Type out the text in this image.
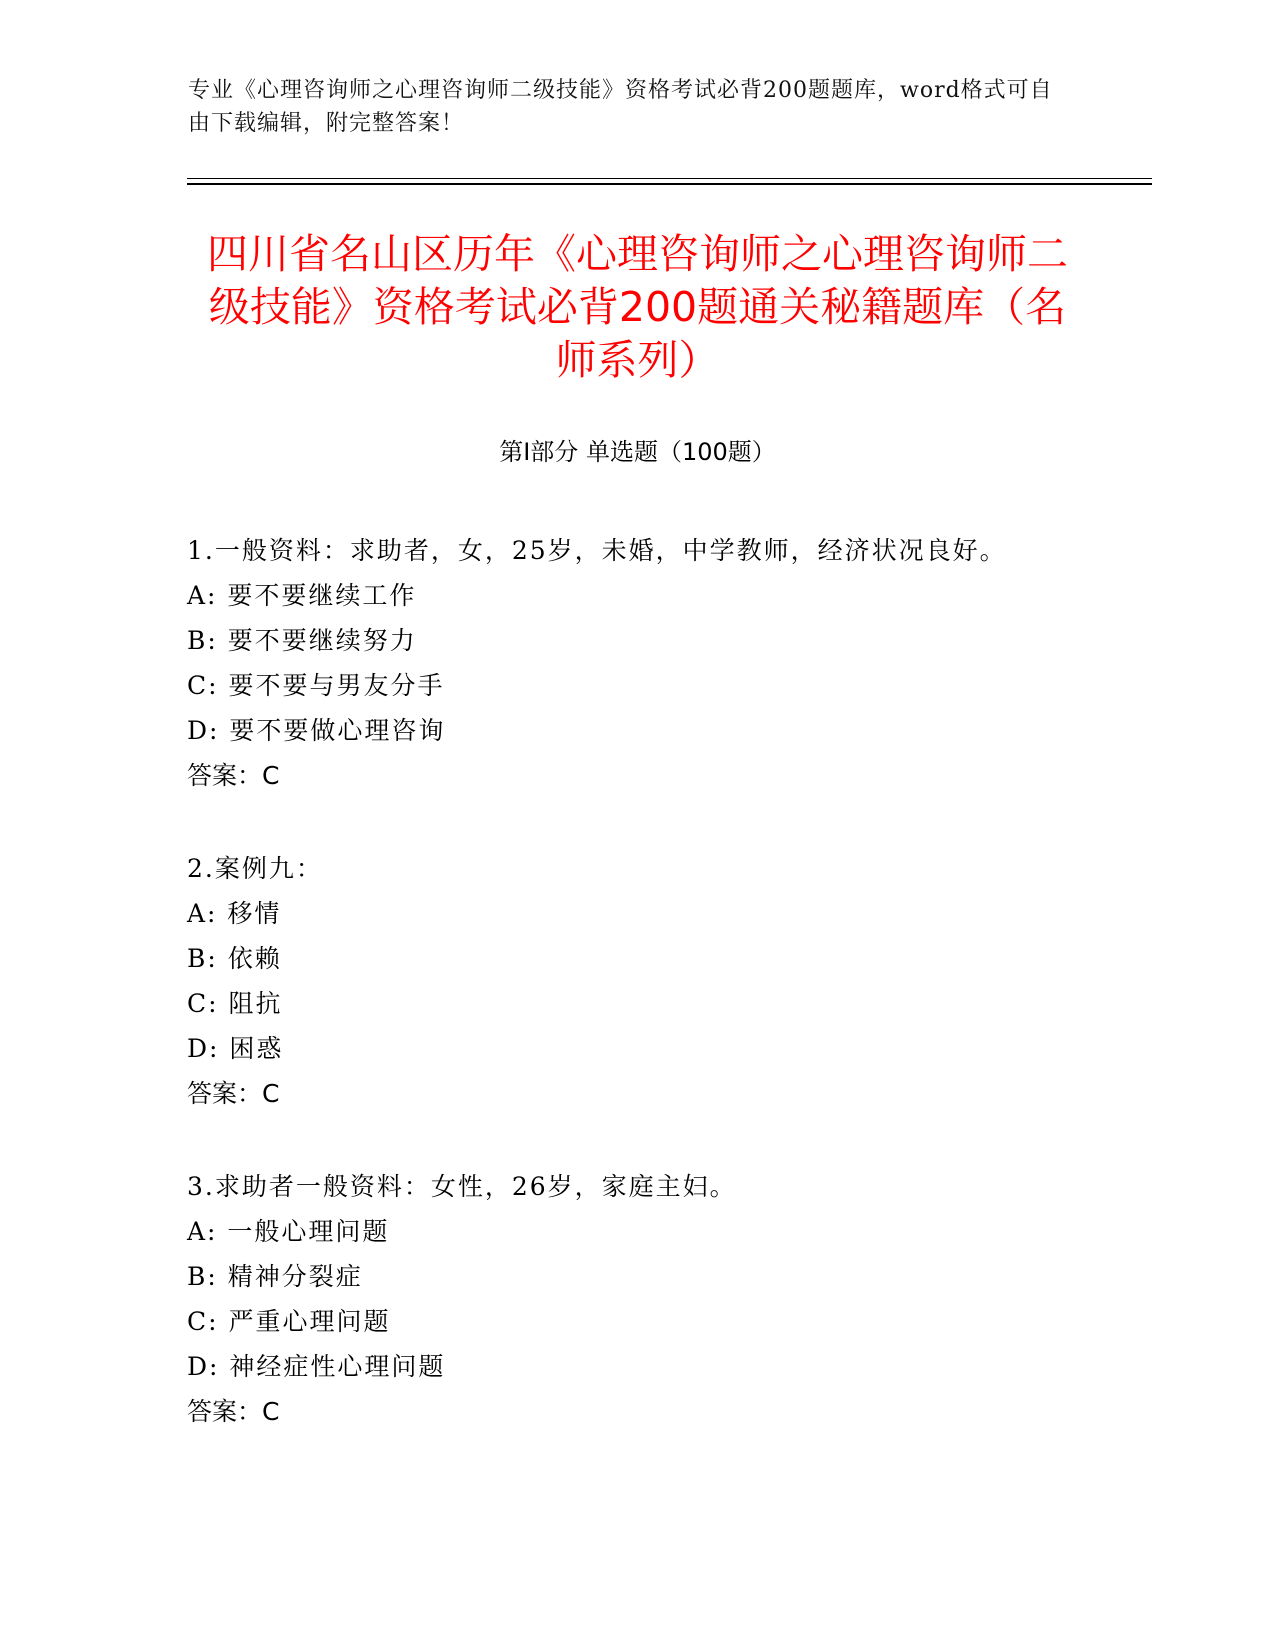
专业《心理咨询师之心理咨询师二级技能》资格考试必背200题题库，word格式可自由下载编辑，附完整答案！
四川省名山区历年《心理咨询师之心理咨询师二级技能》资格考试必背200题通关秘籍题库（名师系列）
第Ⅰ部分 单选题（100题）
1.一般资料：求助者，女，25岁，未婚，中学教师，经济状况良好。
A: 要不要继续工作
B: 要不要继续努力
C: 要不要与男友分手
D: 要不要做心理咨询
答案：C
2.案例九：
A: 移情
B: 依赖
C: 阻抗
D: 困惑
答案：C
3.求助者一般资料：女性，26岁，家庭主妇。
A: 一般心理问题
B: 精神分裂症
C: 严重心理问题
D: 神经症性心理问题
答案：C
